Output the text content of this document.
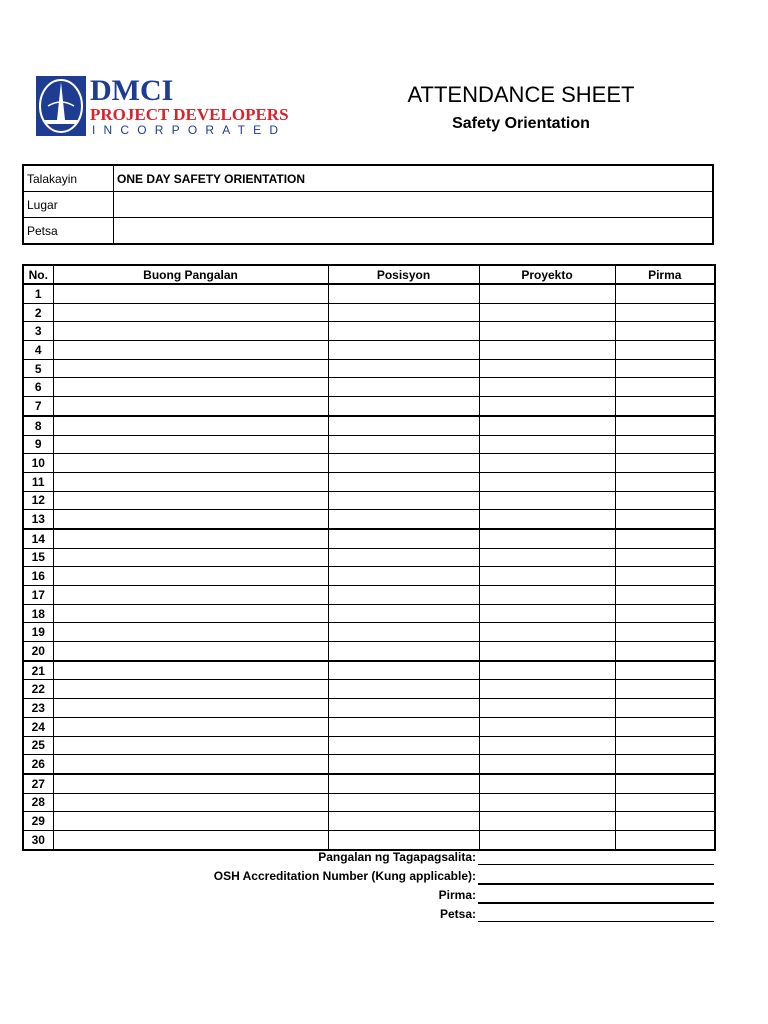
DMCI
PROJECT DEVELOPERS
INCORPORATED
ATTENDANCE SHEET
Safety Orientation
Talakayin	ONE DAY SAFETY ORIENTATION
Lugar	
Petsa	
No.	Buong Pangalan	Posisyon	Proyekto	Pirma
1				
2				
3				
4				
5				
6				
7				
8				
9				
10				
11				
12				
13				
14				
15				
16				
17				
18				
19				
20				
21				
22				
23				
24				
25				
26				
27				
28				
29				
30				
Pangalan ng Tagapagsalita:
OSH Accreditation Number (Kung applicable):
Pirma:
Petsa:
